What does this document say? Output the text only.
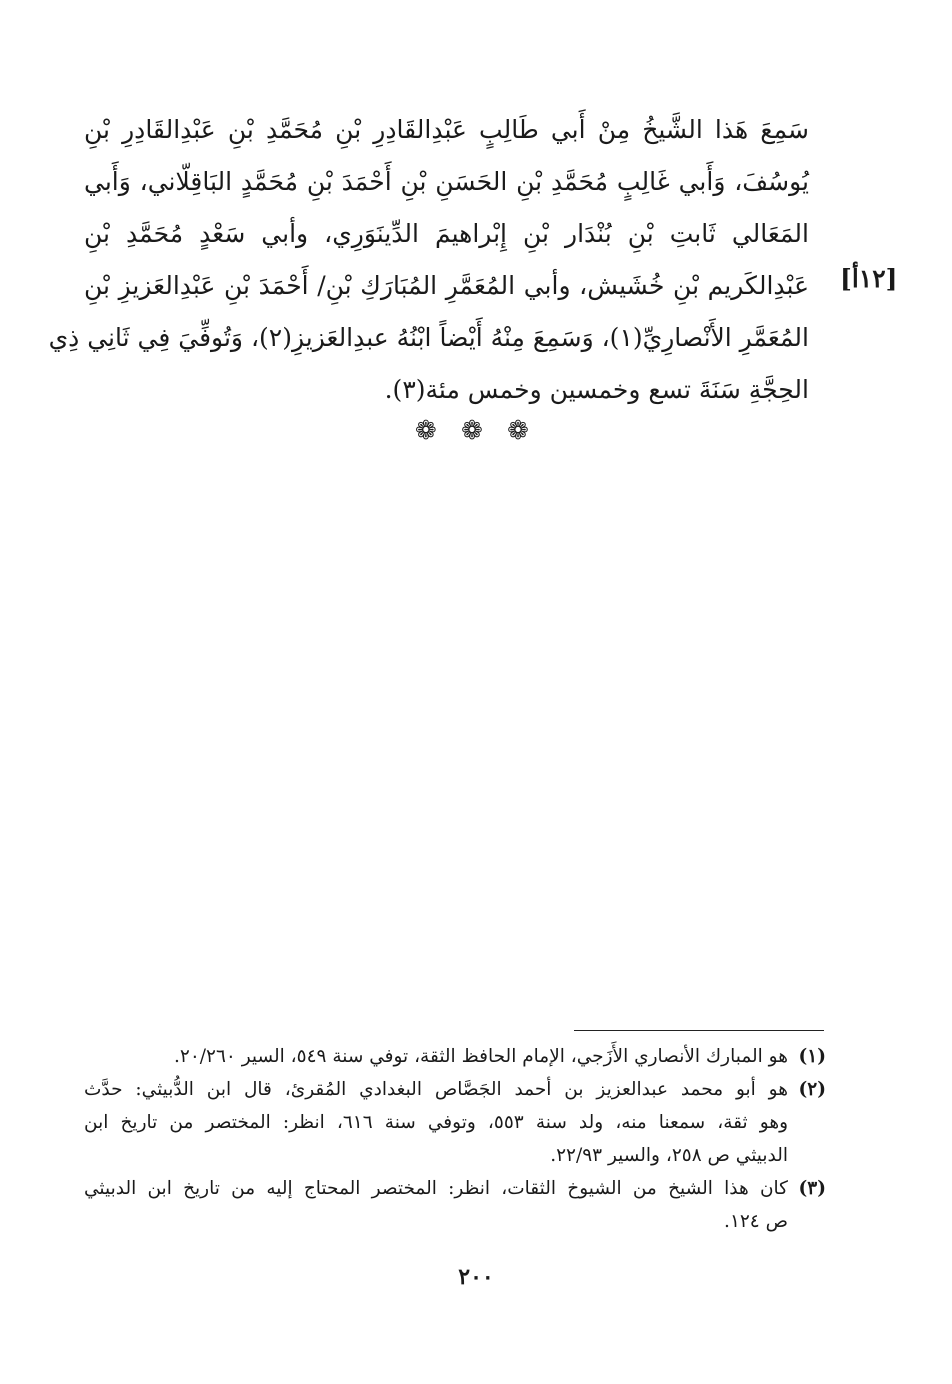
سَمِعَ هَذا الشَّيخُ مِنْ أَبي طَالِبٍ عَبْدِالقَادِرِ بْنِ مُحَمَّدِ بْنِ عَبْدِالقَادِرِ بْنِ
يُوسُفَ، وَأَبي غَالِبٍ مُحَمَّدِ بْنِ الحَسَنِ بْنِ أَحْمَدَ بْنِ مُحَمَّدٍ البَاقِلّاني، وَأَبي
المَعَالي ثَابتِ بْنِ بُنْدَار بْنِ إِبْراهيمَ الدِّينَوَرِي، وأبي سَعْدٍ مُحَمَّدِ بْنِ
عَبْدِالكَريم بْنِ خُشَيش، وأبي المُعَمَّرِ المُبَارَكِ بْنِ/ أَحْمَدَ بْنِ عَبْدِالعَزيزِ بْنِ
المُعَمَّرِ الأَنْصارِيِّ(١)، وَسَمِعَ مِنْهُ أَيْضاً ابْنُهُ عبدِالعَزيزِ(٢)، وَتُوفِّيَ فِي ثَانِي ذِي
الحِجَّةِ سَنَةَ تسع وخمسين وخمس مئة(٣).
[١٢أ]
❁ ❁ ❁
(١)
هو المبارك الأنصاري الأَزَجي، الإمام الحافظ الثقة، توفي سنة ٥٤٩، السير ٢٠/٢٦٠.
(٢)
هو أبو محمد عبدالعزيز بن أحمد الجَصَّاص البغدادي المُقرئ، قال ابن الدُّبيثي: حدَّث
وهو ثقة، سمعنا منه، ولد سنة ٥٥٣، وتوفي سنة ٦١٦، انظر: المختصر من تاريخ ابن
الدبيثي ص ٢٥٨، والسير ٢٢/٩٣.
(٣)
كان هذا الشيخ من الشيوخ الثقات، انظر: المختصر المحتاج إليه من تاريخ ابن الدبيثي
ص ١٢٤.
٢٠٠
